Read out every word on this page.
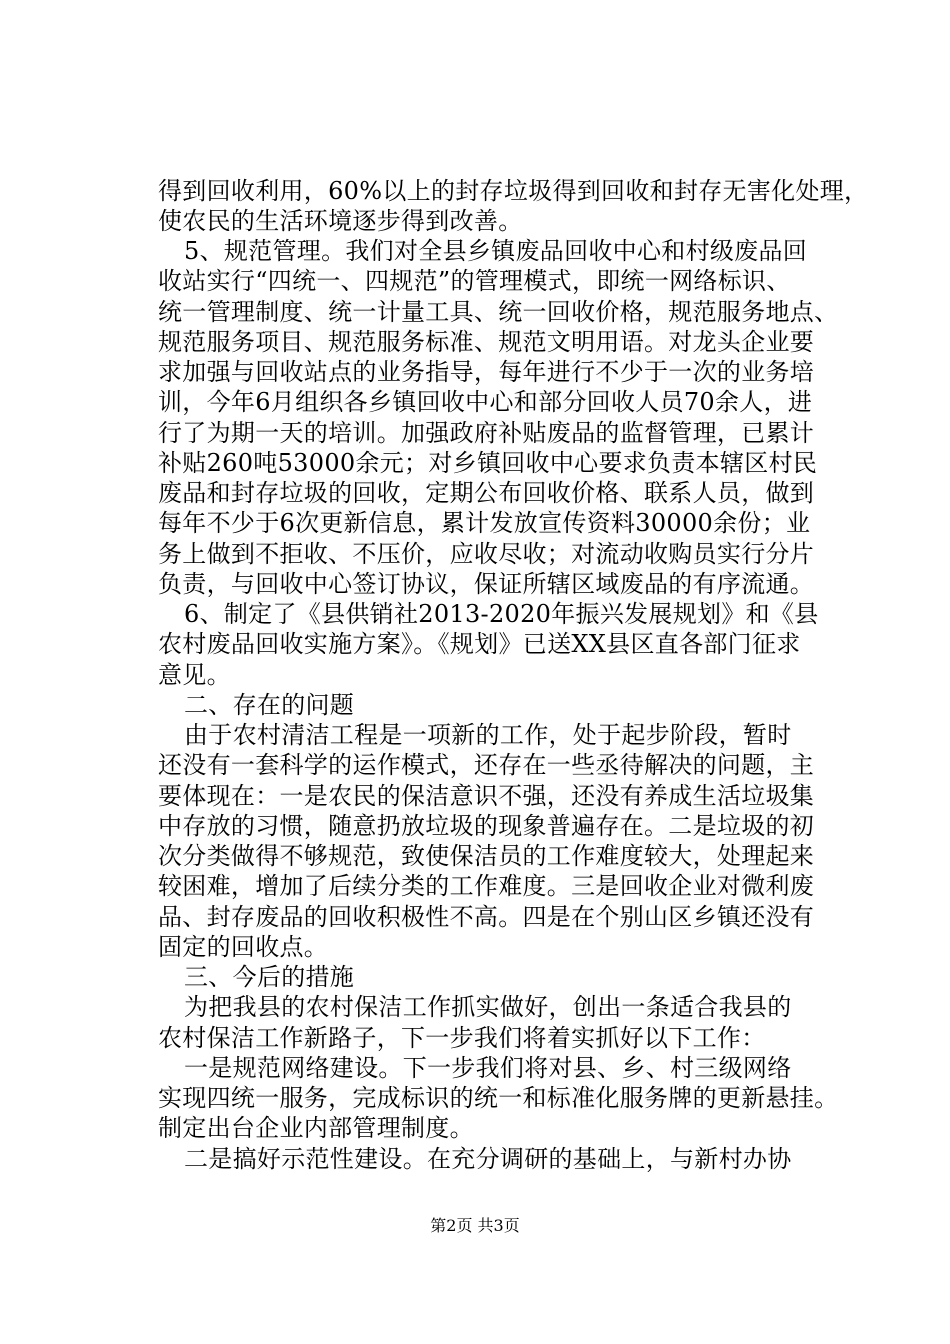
得到回收利用，60%以上的封存垃圾得到回收和封存无害化处理，
使农民的生活环境逐步得到改善。
5、规范管理。我们对全县乡镇废品回收中心和村级废品回
收站实行“四统一、四规范”的管理模式，即统一网络标识、
统一管理制度、统一计量工具、统一回收价格，规范服务地点、
规范服务项目、规范服务标准、规范文明用语。对龙头企业要
求加强与回收站点的业务指导，每年进行不少于一次的业务培
训，今年6月组织各乡镇回收中心和部分回收人员70余人，进
行了为期一天的培训。加强政府补贴废品的监督管理，已累计
补贴260吨53000余元；对乡镇回收中心要求负责本辖区村民
废品和封存垃圾的回收，定期公布回收价格、联系人员，做到
每年不少于6次更新信息，累计发放宣传资料30000余份；业
务上做到不拒收、不压价，应收尽收；对流动收购员实行分片
负责，与回收中心签订协议，保证所辖区域废品的有序流通。
6、制定了《县供销社2013-2020年振兴发展规划》和《县
农村废品回收实施方案》。《规划》已送XX县区直各部门征求
意见。
二、存在的问题
由于农村清洁工程是一项新的工作，处于起步阶段，暂时
还没有一套科学的运作模式，还存在一些丞待解决的问题，主
要体现在：一是农民的保洁意识不强，还没有养成生活垃圾集
中存放的习惯，随意扔放垃圾的现象普遍存在。二是垃圾的初
次分类做得不够规范，致使保洁员的工作难度较大，处理起来
较困难，增加了后续分类的工作难度。三是回收企业对微利废
品、封存废品的回收积极性不高。四是在个别山区乡镇还没有
固定的回收点。
三、今后的措施
为把我县的农村保洁工作抓实做好，创出一条适合我县的
农村保洁工作新路子，下一步我们将着实抓好以下工作：
一是规范网络建设。下一步我们将对县、乡、村三级网络
实现四统一服务，完成标识的统一和标准化服务牌的更新悬挂。
制定出台企业内部管理制度。
二是搞好示范性建设。在充分调研的基础上，与新村办协
第2页 共3页
